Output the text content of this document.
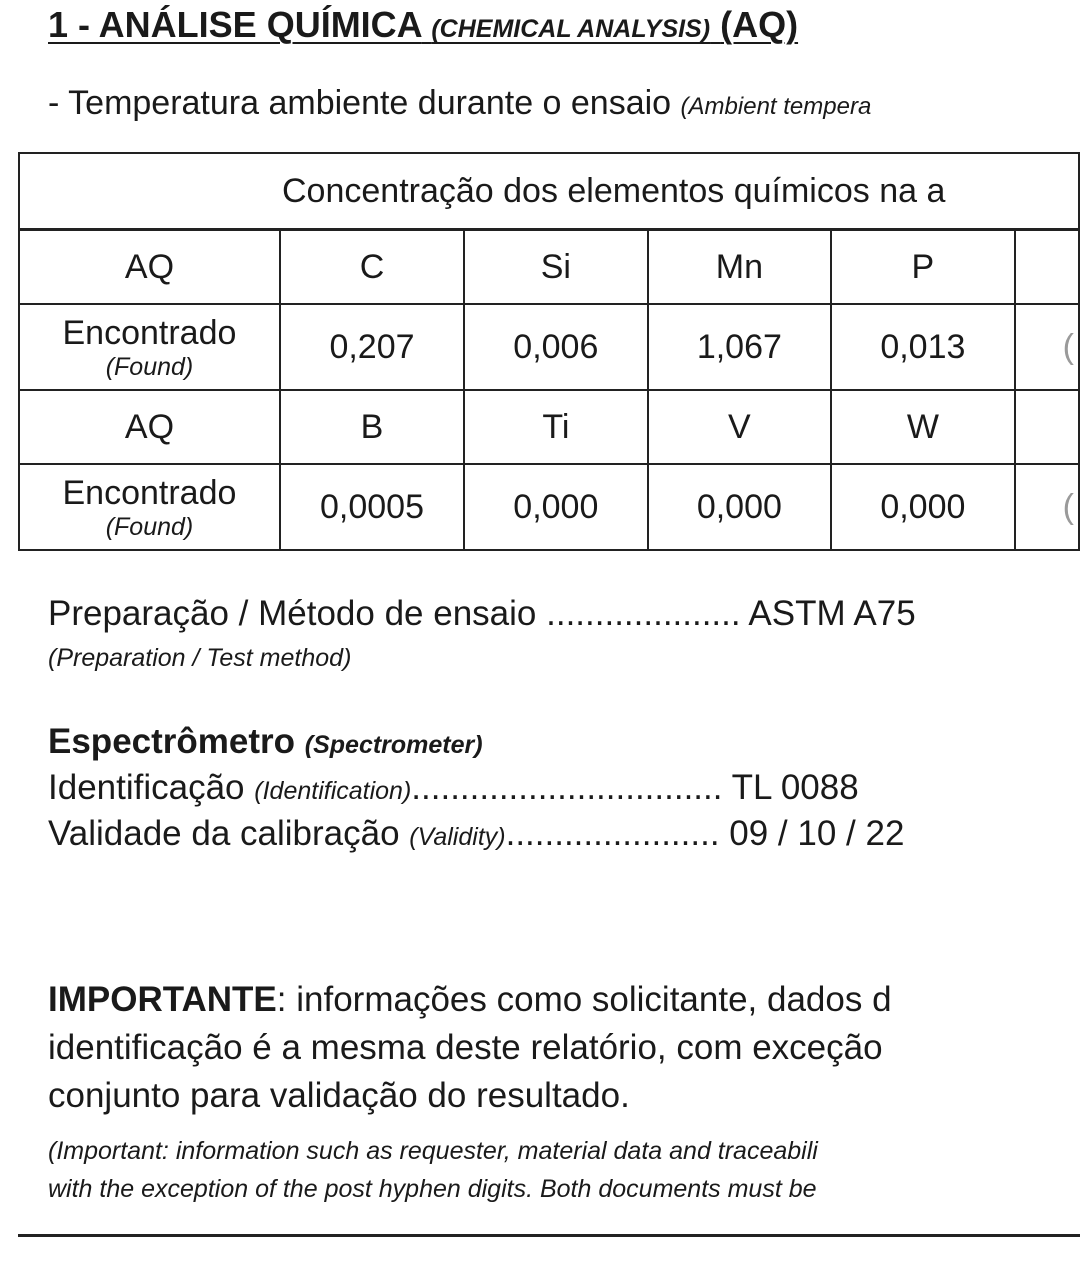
1 - ANÁLISE QUÍMICA (CHEMICAL ANALYSIS) (AQ)
- Temperatura ambiente durante o ensaio (Ambient tempera
Concentração dos elementos químicos na a					
AQ	C	Si	Mn	P	

Encontrado
(Found)	0,207	0,006	1,067	0,013	(
AQ	B	Ti	V	W	

Encontrado
(Found)	0,0005	0,000	0,000	0,000	(
Preparação / Método de ensaio .................... ASTM A75
(Preparation / Test method)
Espectrômetro (Spectrometer)
Identificação (Identification)................................ TL 0088
Validade da calibração (Validity)...................... 09 / 10 / 22
IMPORTANTE: informações como solicitante, dados d
identificação é a mesma deste relatório, com exceção
conjunto para validação do resultado.
(Important: information such as requester, material data and traceabili
with the exception of the post hyphen digits. Both documents must be
